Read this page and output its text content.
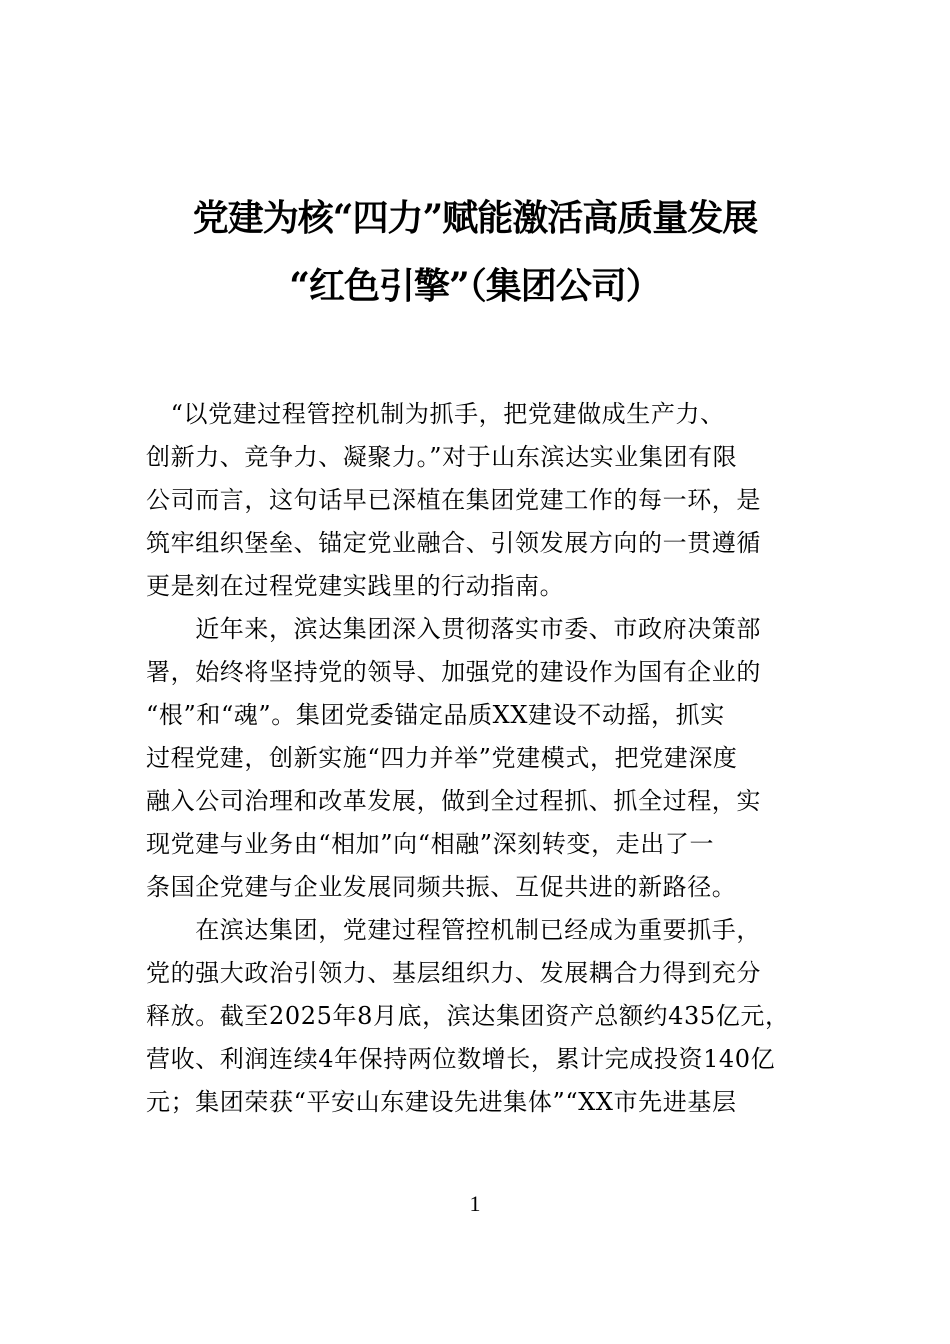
党建为核“四力”赋能激活高质量发展
“红色引擎”（集团公司）
　“以党建过程管控机制为抓手，把党建做成生产力、
创新力、竞争力、凝聚力。”对于山东滨达实业集团有限
公司而言，这句话早已深植在集团党建工作的每一环，是
筑牢组织堡垒、锚定党业融合、引领发展方向的一贯遵循
更是刻在过程党建实践里的行动指南。
　　近年来，滨达集团深入贯彻落实市委、市政府决策部
署，始终将坚持党的领导、加强党的建设作为国有企业的
“根”和“魂”。集团党委锚定品质XX建设不动摇，抓实
过程党建，创新实施“四力并举”党建模式，把党建深度
融入公司治理和改革发展，做到全过程抓、抓全过程，实
现党建与业务由“相加”向“相融”深刻转变，走出了一
条国企党建与企业发展同频共振、互促共进的新路径。
　　在滨达集团，党建过程管控机制已经成为重要抓手，
党的强大政治引领力、基层组织力、发展耦合力得到充分
释放。截至2025年8月底，滨达集团资产总额约435亿元，
营收、利润连续4年保持两位数增长，累计完成投资140亿
元；集团荣获“平安山东建设先进集体”“XX市先进基层
1
